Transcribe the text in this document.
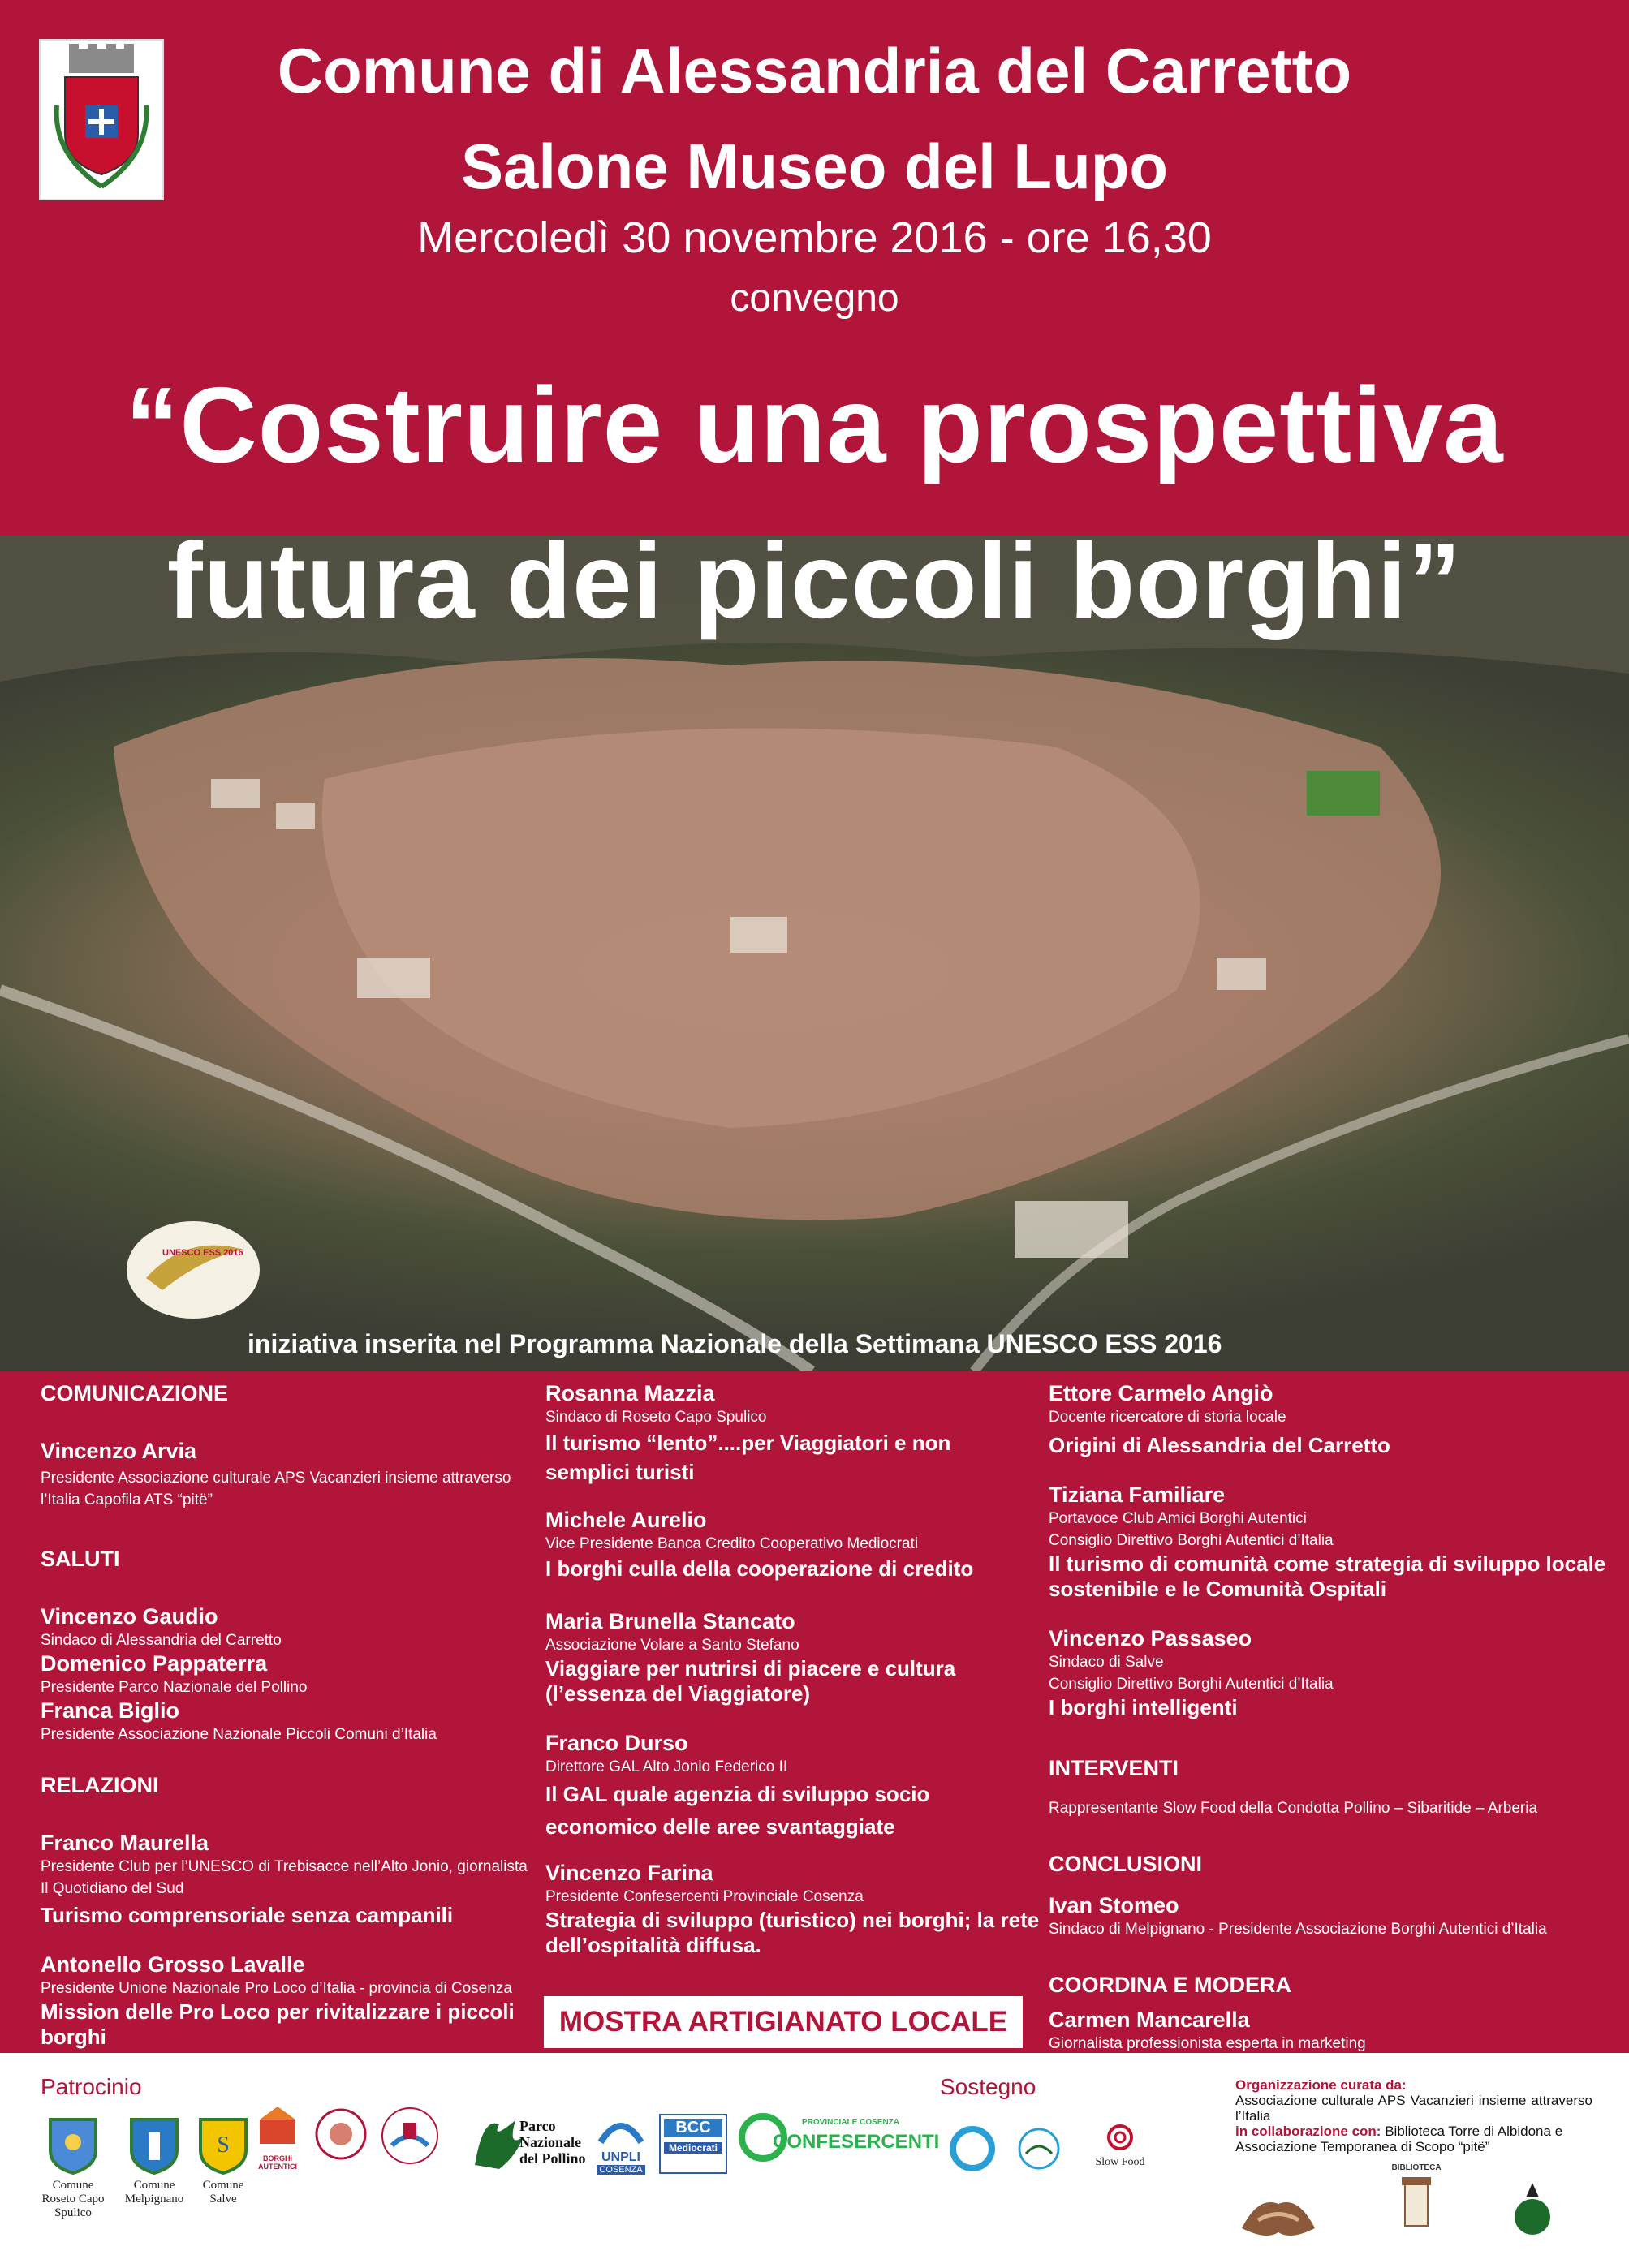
Comune di Alessandria del Carretto
Salone Museo del Lupo
Mercoledì 30 novembre 2016 - ore 16,30
convegno
UNESCO ESS 2016
“Costruire una prospettiva
futura dei piccoli borghi”
iniziativa inserita nel Programma Nazionale della Settimana UNESCO ESS 2016
COMUNICAZIONE
Vincenzo Arvia
Presidente Associazione culturale APS Vacanzieri insieme attraverso l’Italia Capofila ATS “pitë”
SALUTI
Vincenzo Gaudio
Sindaco di Alessandria del Carretto
Domenico Pappaterra
Presidente Parco Nazionale del Pollino
Franca Biglio
Presidente Associazione Nazionale Piccoli Comuni d’Italia
RELAZIONI
Franco Maurella
Presidente Club per l’UNESCO di Trebisacce nell’Alto Jonio, giornalista Il Quotidiano del Sud
Turismo comprensoriale senza campanili
Antonello Grosso Lavalle
Presidente Unione Nazionale Pro Loco d’Italia - provincia di Cosenza
Mission delle Pro Loco per rivitalizzare i piccoli borghi
Rosanna Mazzia
Sindaco di Roseto Capo Spulico
Il turismo “lento”....per Viaggiatori e non semplici turisti
Michele Aurelio
Vice Presidente Banca Credito Cooperativo Mediocrati
I borghi culla della cooperazione di credito
Maria Brunella Stancato
Associazione Volare a Santo Stefano
Viaggiare per nutrirsi di piacere e cultura (l’essenza del Viaggiatore)
Franco Durso
Direttore GAL Alto Jonio Federico II
Il GAL quale agenzia di sviluppo socio economico delle aree svantaggiate
Vincenzo Farina
Presidente Confesercenti Provinciale Cosenza
Strategia di sviluppo (turistico) nei borghi; la rete dell’ospitalità diffusa.
MOSTRA ARTIGIANATO LOCALE
Ettore Carmelo Angiò
Docente ricercatore di storia locale
Origini di Alessandria del Carretto
Tiziana Familiare
Portavoce Club Amici Borghi Autentici
Consiglio Direttivo Borghi Autentici d’Italia
Il turismo di comunità come strategia di sviluppo locale sostenibile e le Comunità Ospitali
Vincenzo Passaseo
Sindaco di Salve
Consiglio Direttivo Borghi Autentici d’Italia
I borghi intelligenti
INTERVENTI
Rappresentante Slow Food della Condotta Pollino – Sibaritide – Arberia
CONCLUSIONI
Ivan Stomeo
Sindaco di Melpignano - Presidente Associazione Borghi Autentici d’Italia
COORDINA E MODERA
Carmen Mancarella
Giornalista professionista esperta in marketing
Patrocinio	Sostegno
Comune
Roseto Capo
Spulico
Comune
Melpignano
S
Comune
Salve
BORGHI AUTENTICI
Parco Nazionale del Pollino	UNPLI
COSENZA
BCC
Mediocrati
PROVINCIALE COSENZA
CONFESERCENTI
Slow Food
Organizzazione curata da:
Associazione culturale APS Vacanzieri insieme attraverso l’Italia
in collaborazione con: Biblioteca Torre di Albidona e Associazione Temporanea di Scopo “pitë”
BIBLIOTECA
